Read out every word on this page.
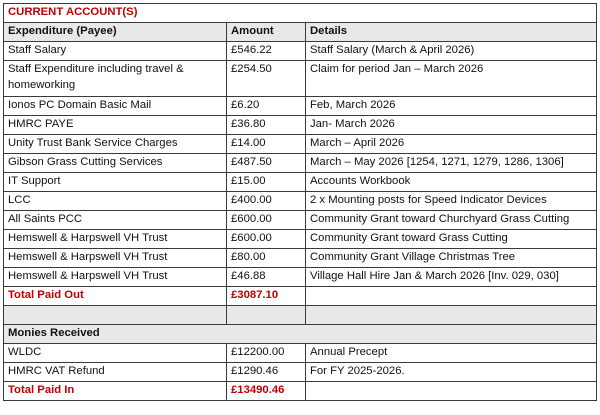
CURRENT ACCOUNT(S)		
Expenditure (Payee)	Amount	Details
Staff Salary	£546.22	Staff Salary (March & April 2026)
Staff Expenditure including travel & homeworking	£254.50	Claim for period Jan – March 2026
Ionos PC Domain Basic Mail	£6.20	Feb, March 2026
HMRC PAYE	£36.80	Jan- March 2026
Unity Trust Bank Service Charges	£14.00	March – April 2026
Gibson Grass Cutting Services	£487.50	March – May 2026 [1254, 1271, 1279, 1286, 1306]
IT Support	£15.00	Accounts Workbook
LCC	£400.00	2 x Mounting posts for Speed Indicator Devices
All Saints PCC	£600.00	Community Grant toward Churchyard Grass Cutting
Hemswell & Harpswell VH Trust	£600.00	Community Grant toward Grass Cutting
Hemswell & Harpswell VH Trust	£80.00	Community Grant Village Christmas Tree
Hemswell & Harpswell VH Trust	£46.88	Village Hall Hire Jan & March 2026 [Inv. 029, 030]
Total Paid Out	£3087.10	

Monies Received		
WLDC	£12200.00	Annual Precept
HMRC VAT Refund	£1290.46	For FY 2025-2026.
Total Paid In	£13490.46	
